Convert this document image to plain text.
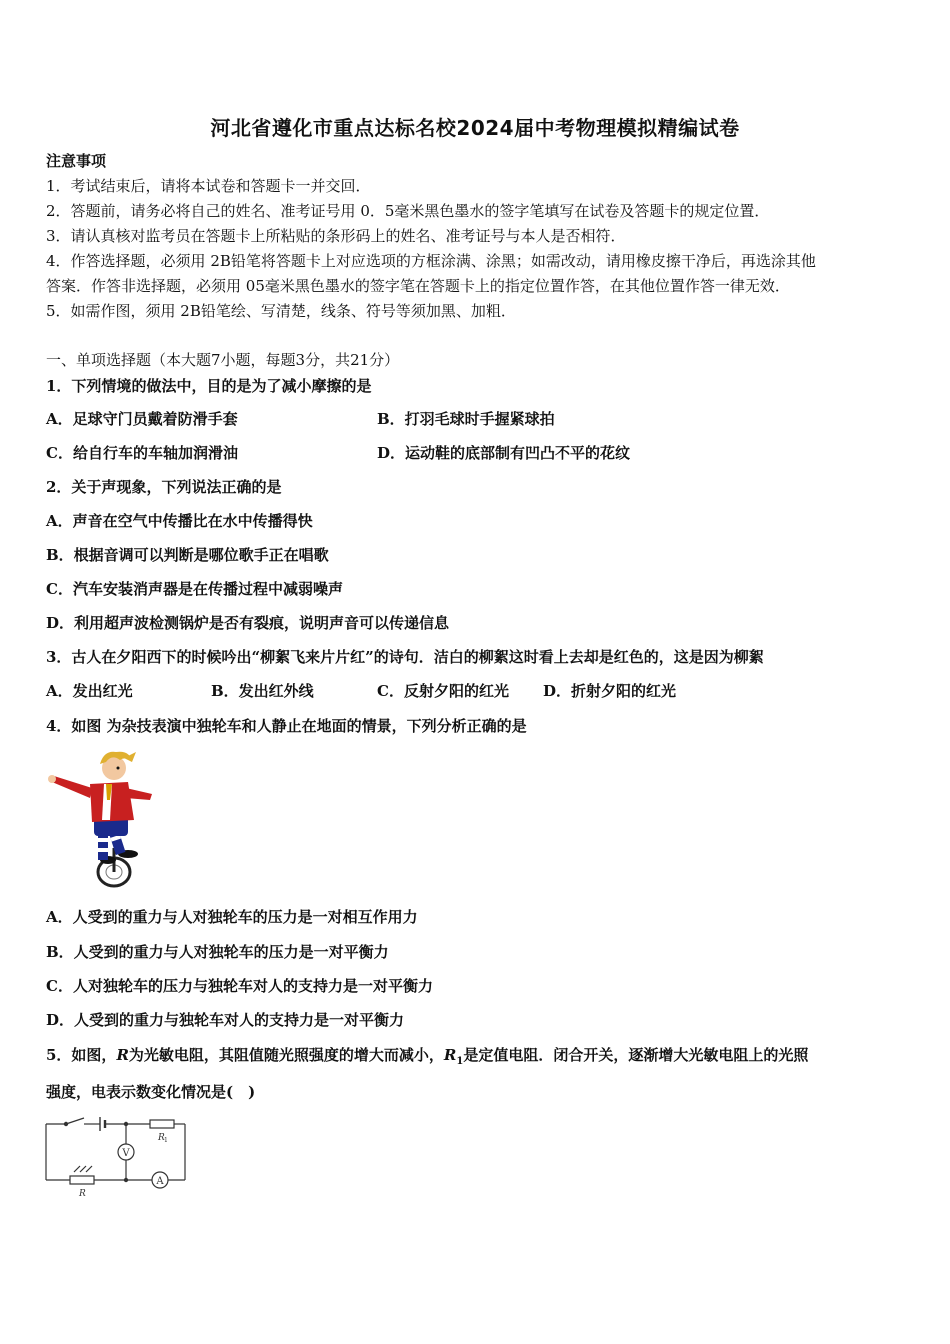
河北省遵化市重点达标名校2024届中考物理模拟精编试卷
注意事项
1．考试结束后，请将本试卷和答题卡一并交回．
2．答题前，请务必将自己的姓名、准考证号用 0．5毫米黑色墨水的签字笔填写在试卷及答题卡的规定位置．
3．请认真核对监考员在答题卡上所粘贴的条形码上的姓名、准考证号与本人是否相符．
4．作答选择题，必须用 2B铅笔将答题卡上对应选项的方框涂满、涂黑；如需改动，请用橡皮擦干净后，再选涂其他
答案．作答非选择题，必须用 05毫米黑色墨水的签字笔在答题卡上的指定位置作答，在其他位置作答一律无效．
5．如需作图，须用 2B铅笔绘、写清楚，线条、符号等须加黑、加粗．
一、单项选择题（本大题7小题，每题3分，共21分）
1．下列情境的做法中，目的是为了减小摩擦的是
A．足球守门员戴着防滑手套	B．打羽毛球时手握紧球拍
C．给自行车的车轴加润滑油	D．运动鞋的底部制有凹凸不平的花纹
2．关于声现象，下列说法正确的是
A．声音在空气中传播比在水中传播得快
B．根据音调可以判断是哪位歌手正在唱歌
C．汽车安装消声器是在传播过程中减弱噪声
D．利用超声波检测锅炉是否有裂痕，说明声音可以传递信息
3．古人在夕阳西下的时候吟出“柳絮飞来片片红”的诗句．洁白的柳絮这时看上去却是红色的，这是因为柳絮
A．发出红光	B．发出红外线	C．反射夕阳的红光 D．折射夕阳的红光
4．如图 为杂技表演中独轮车和人静止在地面的情景，下列分析正确的是
A．人受到的重力与人对独轮车的压力是一对相互作用力
B．人受到的重力与人对独轮车的压力是一对平衡力
C．人对独轮车的压力与独轮车对人的支持力是一对平衡力
D．人受到的重力与独轮车对人的支持力是一对平衡力
5．如图，R为光敏电阻，其阻值随光照强度的增大而减小，$R_1$是定值电阻．闭合开关，逐渐增大光敏电阻上的光照
强度，电表示数变化情况是(　)
V
A
R 1
R
